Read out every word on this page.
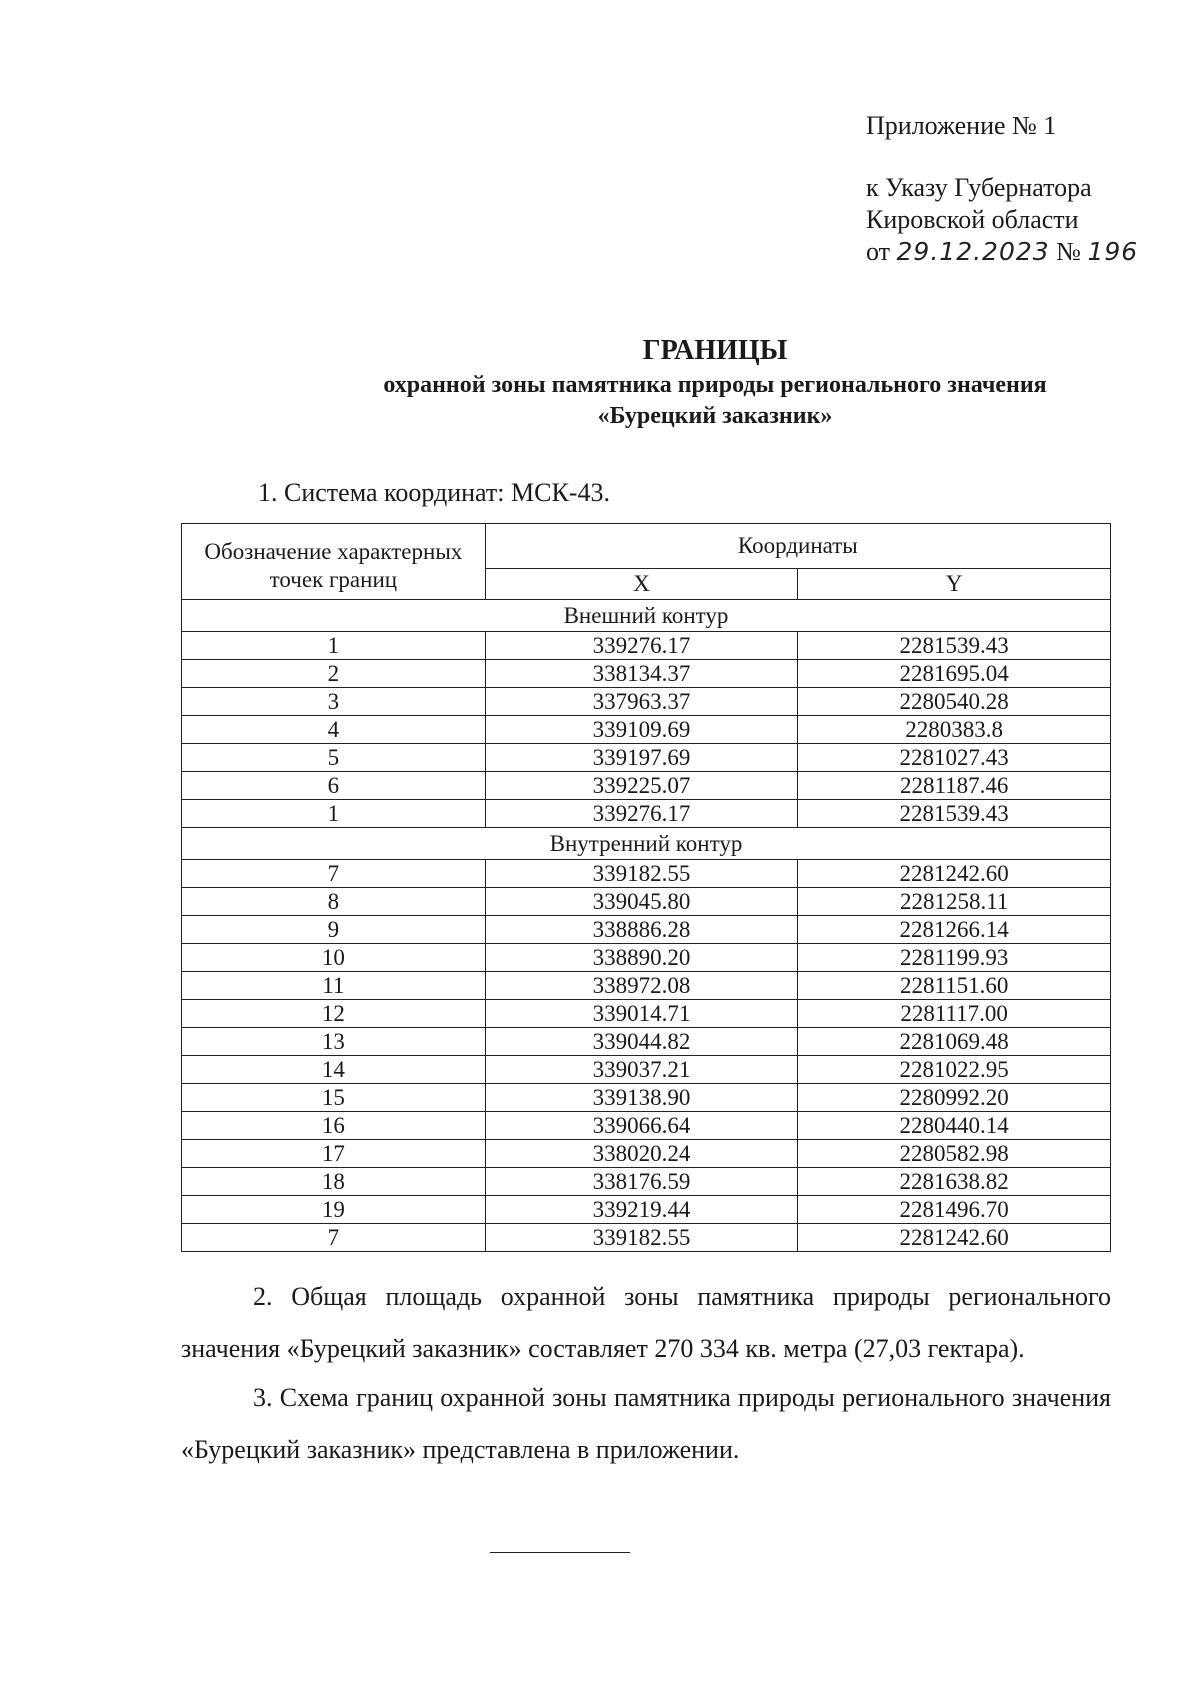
Приложение № 1
к Указу Губернатора
Кировской области
от 29.12.2023 № 196
ГРАНИЦЫ
охранной зоны памятника природы регионального значения
«Бурецкий заказник»
1. Система координат: МСК-43.
Обозначение характерных точек границ	Координаты	
	X	Y
Внешний контур		
1	339276.17	2281539.43
2	338134.37	2281695.04
3	337963.37	2280540.28
4	339109.69	2280383.8
5	339197.69	2281027.43
6	339225.07	2281187.46
1	339276.17	2281539.43
Внутренний контур		
7	339182.55	2281242.60
8	339045.80	2281258.11
9	338886.28	2281266.14
10	338890.20	2281199.93
11	338972.08	2281151.60
12	339014.71	2281117.00
13	339044.82	2281069.48
14	339037.21	2281022.95
15	339138.90	2280992.20
16	339066.64	2280440.14
17	338020.24	2280582.98
18	338176.59	2281638.82
19	339219.44	2281496.70
7	339182.55	2281242.60
2. Общая площадь охранной зоны памятника природы регионального значения «Бурецкий заказник» составляет 270 334 кв. метра (27,03 гектара).
3. Схема границ охранной зоны памятника природы регионального значения «Бурецкий заказник» представлена в приложении.
